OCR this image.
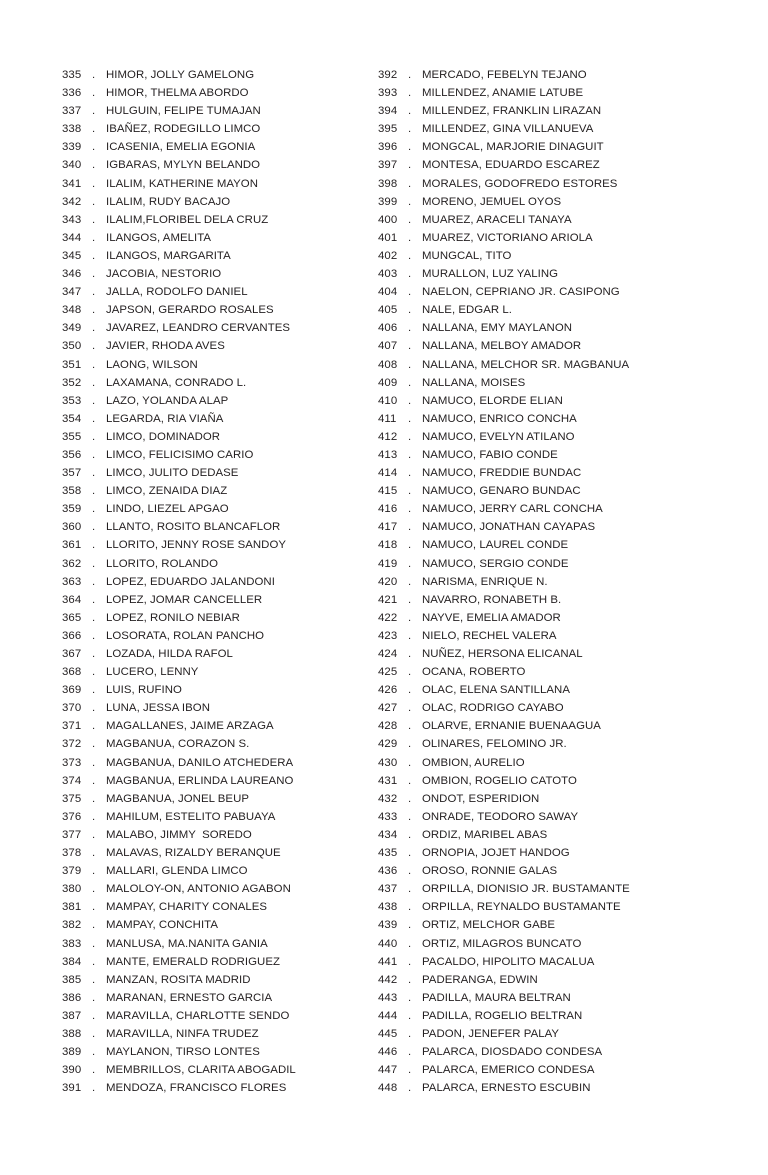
335 . HIMOR, JOLLY GAMELONG
336 . HIMOR, THELMA ABORDO
337 . HULGUIN, FELIPE TUMAJAN
338 . IBAÑEZ, RODEGILLO LIMCO
339 . ICASENIA, EMELIA EGONIA
340 . IGBARAS, MYLYN BELANDO
341 . ILALIM, KATHERINE MAYON
342 . ILALIM, RUDY BACAJO
343 . ILALIM,FLORIBEL DELA CRUZ
344 . ILANGOS, AMELITA
345 . ILANGOS, MARGARITA
346 . JACOBIA, NESTORIO
347 . JALLA, RODOLFO DANIEL
348 . JAPSON, GERARDO ROSALES
349 . JAVAREZ, LEANDRO CERVANTES
350 . JAVIER, RHODA AVES
351 . LAONG, WILSON
352 . LAXAMANA, CONRADO L.
353 . LAZO, YOLANDA ALAP
354 . LEGARDA, RIA VIAÑA
355 . LIMCO, DOMINADOR
356 . LIMCO, FELICISIMO CARIO
357 . LIMCO, JULITO DEDASE
358 . LIMCO, ZENAIDA DIAZ
359 . LINDO, LIEZEL APGAO
360 . LLANTO, ROSITO BLANCAFLOR
361 . LLORITO, JENNY ROSE SANDOY
362 . LLORITO, ROLANDO
363 . LOPEZ, EDUARDO JALANDONI
364 . LOPEZ, JOMAR CANCELLER
365 . LOPEZ, RONILO NEBIAR
366 . LOSORATA, ROLAN PANCHO
367 . LOZADA, HILDA RAFOL
368 . LUCERO, LENNY
369 . LUIS, RUFINO
370 . LUNA, JESSA IBON
371 . MAGALLANES, JAIME ARZAGA
372 . MAGBANUA, CORAZON S.
373 . MAGBANUA, DANILO ATCHEDERA
374 . MAGBANUA, ERLINDA LAUREANO
375 . MAGBANUA, JONEL BEUP
376 . MAHILUM, ESTELITO PABUAYA
377 . MALABO, JIMMY  SOREDO
378 . MALAVAS, RIZALDY BERANQUE
379 . MALLARI, GLENDA LIMCO
380 . MALOLOY-ON, ANTONIO AGABON
381 . MAMPAY, CHARITY CONALES
382 . MAMPAY, CONCHITA
383 . MANLUSA, MA.NANITA GANIA
384 . MANTE, EMERALD RODRIGUEZ
385 . MANZAN, ROSITA MADRID
386 . MARANAN, ERNESTO GARCIA
387 . MARAVILLA, CHARLOTTE SENDO
388 . MARAVILLA, NINFA TRUDEZ
389 . MAYLANON, TIRSO LONTES
390 . MEMBRILLOS, CLARITA ABOGADIL
391 . MENDOZA, FRANCISCO FLORES
392 . MERCADO, FEBELYN TEJANO
393 . MILLENDEZ, ANAMIE LATUBE
394 . MILLENDEZ, FRANKLIN LIRAZAN
395 . MILLENDEZ, GINA VILLANUEVA
396 . MONGCAL, MARJORIE DINAGUIT
397 . MONTESA, EDUARDO ESCAREZ
398 . MORALES, GODOFREDO ESTORES
399 . MORENO, JEMUEL OYOS
400 . MUAREZ, ARACELI TANAYA
401 . MUAREZ, VICTORIANO ARIOLA
402 . MUNGCAL, TITO
403 . MURALLON, LUZ YALING
404 . NAELON, CEPRIANO JR. CASIPONG
405 . NALE, EDGAR L.
406 . NALLANA, EMY MAYLANON
407 . NALLANA, MELBOY AMADOR
408 . NALLANA, MELCHOR SR. MAGBANUA
409 . NALLANA, MOISES
410 . NAMUCO, ELORDE ELIAN
411	. NAMUCO, ENRICO CONCHA
412 . NAMUCO, EVELYN ATILANO
413 . NAMUCO, FABIO CONDE
414 . NAMUCO, FREDDIE BUNDAC
415 . NAMUCO, GENARO BUNDAC
416 . NAMUCO, JERRY CARL CONCHA
417 . NAMUCO, JONATHAN CAYAPAS
418 . NAMUCO, LAUREL CONDE
419 . NAMUCO, SERGIO CONDE
420 . NARISMA, ENRIQUE N.
421 . NAVARRO, RONABETH B.
422 . NAYVE, EMELIA AMADOR
423 . NIELO, RECHEL VALERA
424 . NUÑEZ, HERSONA ELICANAL
425 . OCANA, ROBERTO
426 . OLAC, ELENA SANTILLANA
427 . OLAC, RODRIGO CAYABO
428 . OLARVE, ERNANIE BUENAAGUA
429 . OLINARES, FELOMINO JR.
430 . OMBION, AURELIO
431 . OMBION, ROGELIO CATOTO
432 . ONDOT, ESPERIDION
433 . ONRADE, TEODORO SAWAY
434 . ORDIZ, MARIBEL ABAS
435 . ORNOPIA, JOJET HANDOG
436 . OROSO, RONNIE GALAS
437 . ORPILLA, DIONISIO JR. BUSTAMANTE
438 . ORPILLA, REYNALDO BUSTAMANTE
439 . ORTIZ, MELCHOR GABE
440 . ORTIZ, MILAGROS BUNCATO
441 . PACALDO, HIPOLITO MACALUA
442 . PADERANGA, EDWIN
443 . PADILLA, MAURA BELTRAN
444 . PADILLA, ROGELIO BELTRAN
445 . PADON, JENEFER PALAY
446 . PALARCA, DIOSDADO CONDESA
447 . PALARCA, EMERICO CONDESA
448 . PALARCA, ERNESTO ESCUBIN
